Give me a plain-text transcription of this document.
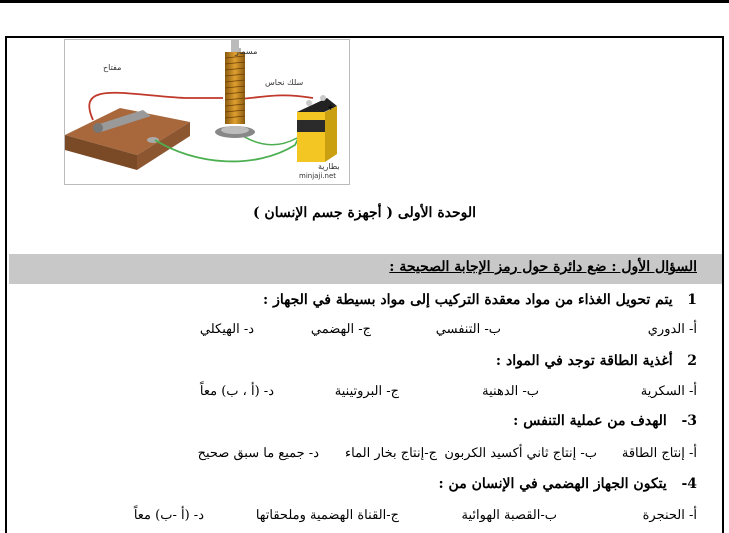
+
مسمار
سلك نحاس
مفتاح
بطارية
minjaji.net
الوحدة الأولى ( أجهزة جسم الإنسان )
السؤال الأول : ضع دائرة حول رمز الإجابة الصحيحة :
1   يتم تحويل الغذاء من مواد معقدة التركيب إلى مواد بسيطة في الجهاز :
أ- الدوري
ب- التنفسي
ج- الهضمي
د- الهيكلي
2   أغذية الطاقة توجد في المواد :
أ- السكرية
ب- الدهنية
ج- البروتينية
د- (أ ، ب) معاً
3-   الهدف من عملية التنفس :
أ- إنتاج الطاقة
ب- إنتاج ثاني أكسيد الكربون
ج-إنتاج بخار الماء
د- جميع ما سبق صحيح
4-   يتكون الجهاز الهضمي في الإنسان من :
أ- الحنجرة
ب-القصبة الهوائية
ج-القناة الهضمية وملحقاتها
د- (أ -ب) معاً
